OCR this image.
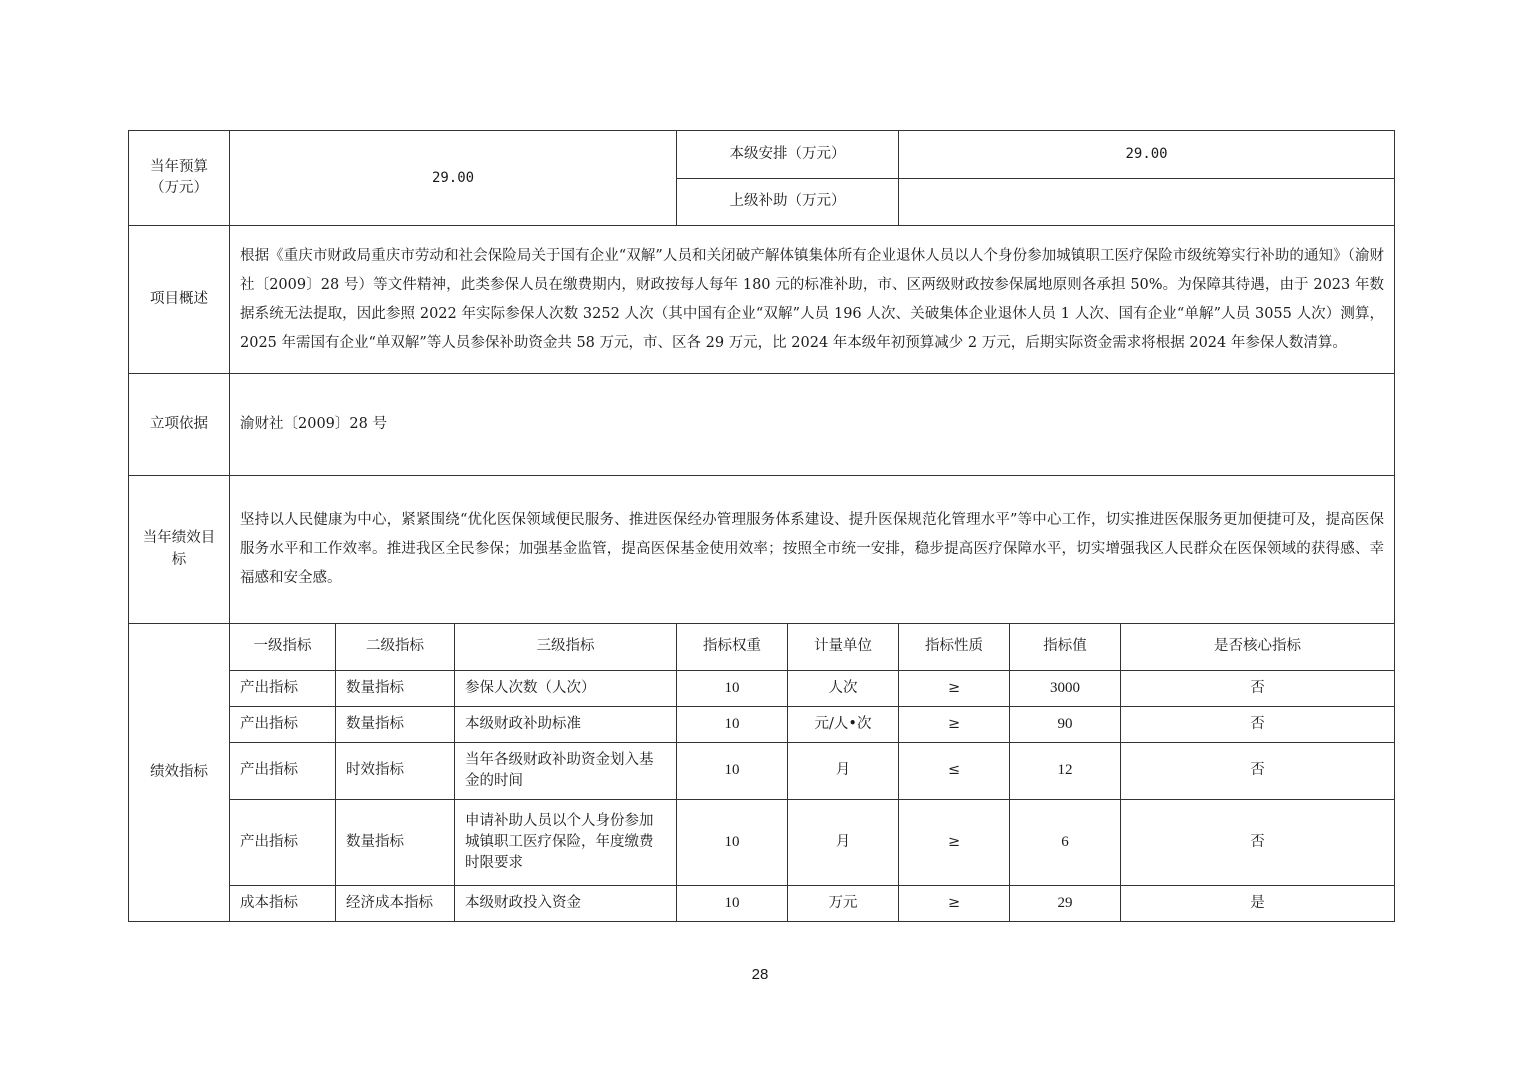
当年预算（万元）	29.00			本级安排（万元）		29.00		
				上级补助（万元）				
项目概述	根据《重庆市财政局重庆市劳动和社会保险局关于国有企业“双解”人员和关闭破产解体镇集体所有企业退休人员以人个身份参加城镇职工医疗保险市级统筹实行补助的通知》（渝财社〔2009〕28 号）等文件精神，此类参保人员在缴费期内，财政按每人每年 180 元的标准补助，市、区两级财政按参保属地原则各承担 50%。为保障其待遇，由于 2023 年数据系统无法提取，因此参照 2022 年实际参保人次数 3252 人次（其中国有企业“双解”人员 196 人次、关破集体企业退休人员 1 人次、国有企业“单解”人员 3055 人次）测算，2025 年需国有企业“单双解”等人员参保补助资金共 58 万元，市、区各 29 万元，比 2024 年本级年初预算减少 2 万元，后期实际资金需求将根据 2024 年参保人数清算。							
立项依据	渝财社〔2009〕28 号							
当年绩效目标	坚持以人民健康为中心，紧紧围绕“优化医保领域便民服务、推进医保经办管理服务体系建设、提升医保规范化管理水平”等中心工作，切实推进医保服务更加便捷可及，提高医保服务水平和工作效率。推进我区全民参保；加强基金监管，提高医保基金使用效率；按照全市统一安排，稳步提高医疗保障水平，切实增强我区人民群众在医保领域的获得感、幸福感和安全感。							
绩效指标	一级指标	二级指标	三级指标	指标权重	计量单位	指标性质	指标值	是否核心指标
	产出指标	数量指标	参保人次数（人次）	10	人次	≥	3000	否
	产出指标	数量指标	本级财政补助标准	10	元/人•次	≥	90	否
	产出指标	时效指标	当年各级财政补助资金划入基金的时间	10	月	≤	12	否
	产出指标	数量指标	申请补助人员以个人身份参加城镇职工医疗保险，年度缴费时限要求	10	月	≥	6	否
	成本指标	经济成本指标	本级财政投入资金	10	万元	≥	29	是
28
